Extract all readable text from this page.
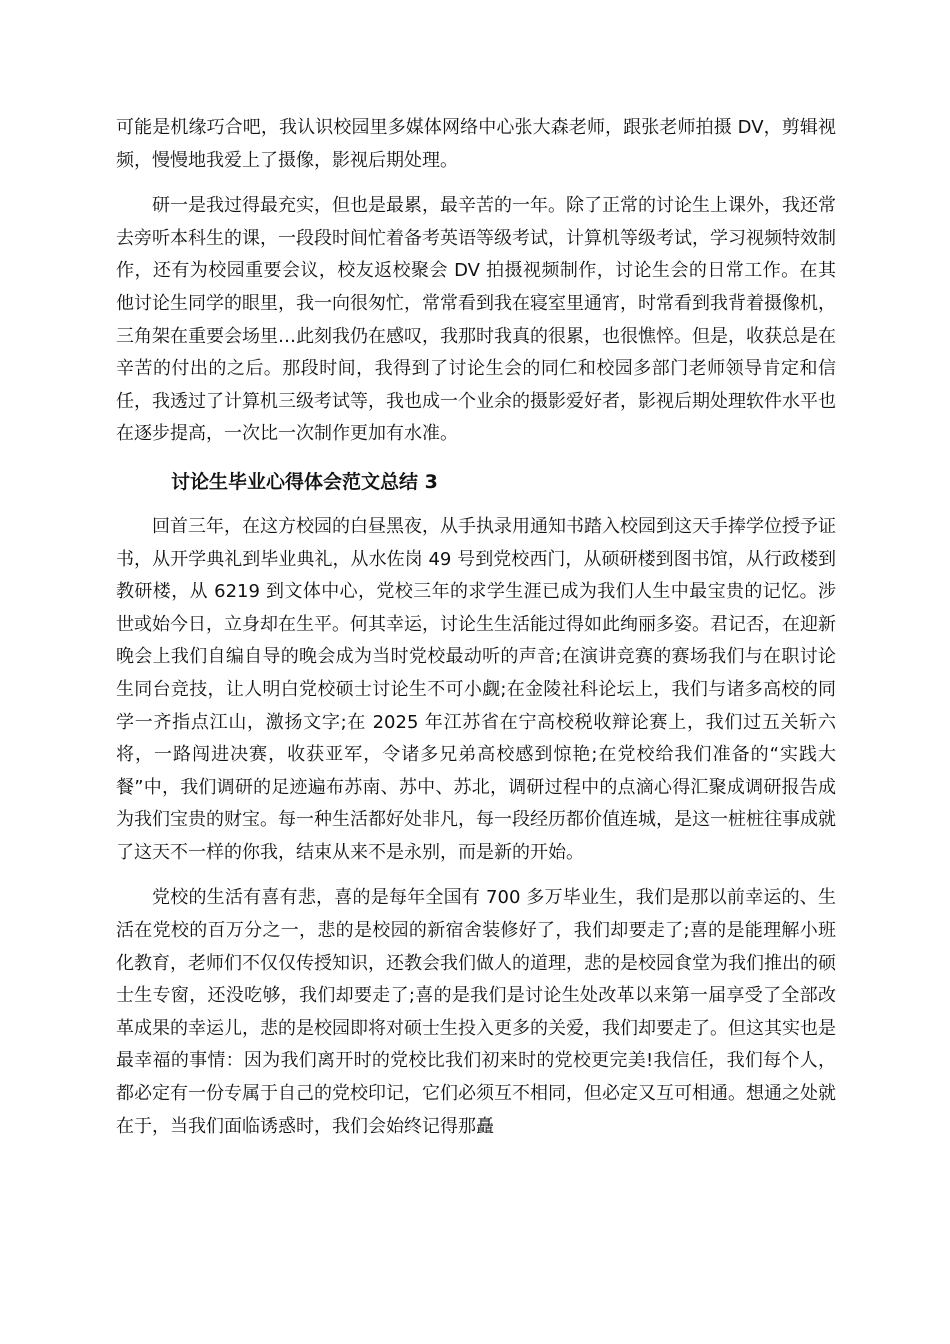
可能是机缘巧合吧，我认识校园里多媒体网络中心张大森老师，跟张老师拍摄 DV，剪辑视频，慢慢地我爱上了摄像，影视后期处理。

研一是我过得最充实，但也是最累，最辛苦的一年。除了正常的讨论生上课外，我还常去旁听本科生的课，一段段时间忙着备考英语等级考试，计算机等级考试，学习视频特效制作，还有为校园重要会议，校友返校聚会 DV 拍摄视频制作，讨论生会的日常工作。在其他讨论生同学的眼里，我一向很匆忙，常常看到我在寝室里通宵，时常看到我背着摄像机，三角架在重要会场里…此刻我仍在感叹，我那时我真的很累，也很憔悴。但是，收获总是在辛苦的付出的之后。那段时间，我得到了讨论生会的同仁和校园多部门老师领导肯定和信任，我透过了计算机三级考试等，我也成一个业余的摄影爱好者，影视后期处理软件水平也在逐步提高，一次比一次制作更加有水准。

讨论生毕业心得体会范文总结 3

回首三年，在这方校园的白昼黑夜，从手执录用通知书踏入校园到这天手捧学位授予证书，从开学典礼到毕业典礼，从水佐岗 49 号到党校西门，从硕研楼到图书馆，从行政楼到教研楼，从 6219 到文体中心，党校三年的求学生涯已成为我们人生中最宝贵的记忆。涉世或始今日，立身却在生平。何其幸运，讨论生生活能过得如此绚丽多姿。君记否，在迎新晚会上我们自编自导的晚会成为当时党校最动听的声音;在演讲竞赛的赛场我们与在职讨论生同台竞技，让人明白党校硕士讨论生不可小觑;在金陵社科论坛上，我们与诸多高校的同学一齐指点江山，激扬文字;在 2025 年江苏省在宁高校税收辩论赛上，我们过五关斩六将，一路闯进决赛，收获亚军，令诸多兄弟高校感到惊艳;在党校给我们准备的“实践大餐”中，我们调研的足迹遍布苏南、苏中、苏北，调研过程中的点滴心得汇聚成调研报告成为我们宝贵的财宝。每一种生活都好处非凡，每一段经历都价值连城，是这一桩桩往事成就了这天不一样的你我，结束从来不是永别，而是新的开始。

党校的生活有喜有悲，喜的是每年全国有 700 多万毕业生，我们是那以前幸运的、生活在党校的百万分之一，悲的是校园的新宿舍装修好了，我们却要走了;喜的是能理解小班化教育，老师们不仅仅传授知识，还教会我们做人的道理，悲的是校园食堂为我们推出的硕士生专窗，还没吃够，我们却要走了;喜的是我们是讨论生处改革以来第一届享受了全部改革成果的幸运儿，悲的是校园即将对硕士生投入更多的关爱，我们却要走了。但这其实也是最幸福的事情：因为我们离开时的党校比我们初来时的党校更完美!我信任，我们每个人，都必定有一份专属于自己的党校印记，它们必须互不相同，但必定又互可相通。想通之处就在于，当我们面临诱惑时，我们会始终记得那矗
